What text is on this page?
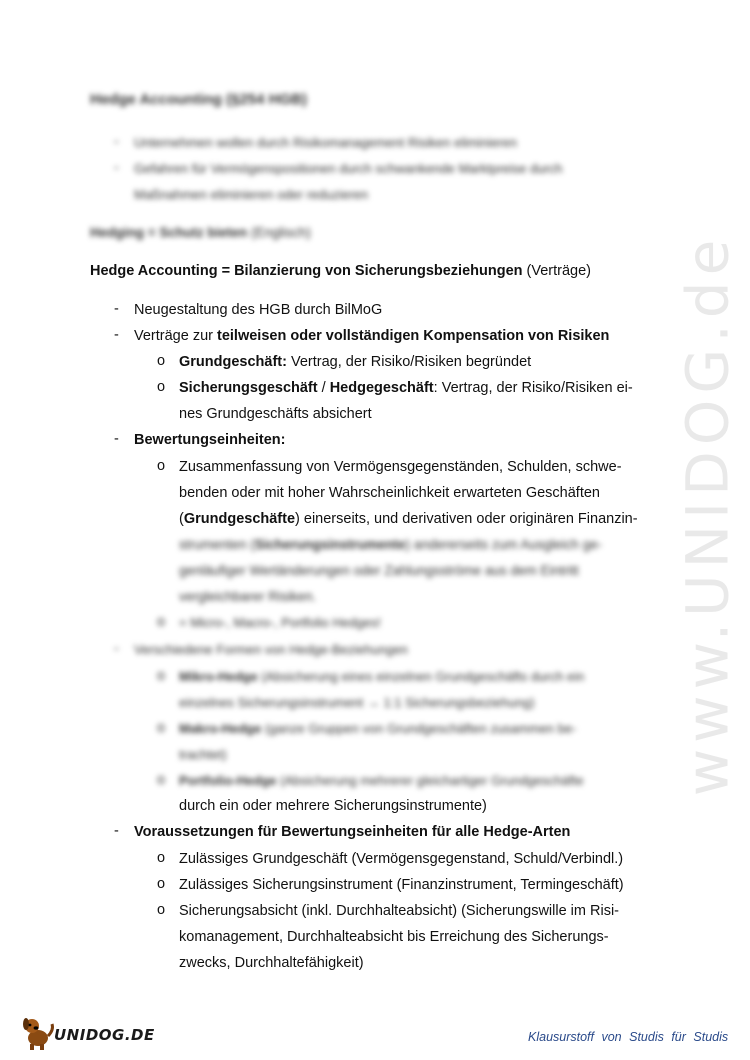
www.UNIDOG.de
Hedge Accounting (§254 HGB)
- Unternehmen wollen durch Risikomanagement Risiken eliminieren
- Gefahren für Vermögenspositionen durch schwankende Marktpreise durch
Maßnahmen eliminieren oder reduzieren
Hedging = Schutz bieten (Englisch)
Hedge Accounting = Bilanzierung von Sicherungsbeziehungen (Verträge)
- Neugestaltung des HGB durch BilMoG
- Verträge zur teilweisen oder vollständigen Kompensation von Risiken
o Grundgeschäft: Vertrag, der Risiko/Risiken begründet
o Sicherungsgeschäft / Hedgegeschäft: Vertrag, der Risiko/Risiken ei-
nes Grundgeschäfts absichert
- Bewertungseinheiten:
o Zusammenfassung von Vermögensgegenständen, Schulden, schwe-
benden oder mit hoher Wahrscheinlichkeit erwarteten Geschäften
(Grundgeschäfte) einerseits, und derivativen oder originären Finanzin-
strumenten (Sicherungsinstrumente) andererseits zum Ausgleich ge-
genläufiger Wertänderungen oder Zahlungsströme aus dem Eintritt
vergleichbarer Risiken.
o = Micro-, Macro-, Portfolio Hedges!
- Verschiedene Formen von Hedge-Beziehungen
o Mikro-Hedge (Absicherung eines einzelnen Grundgeschäfts durch ein
einzelnes Sicherungsinstrument → 1:1 Sicherungsbeziehung)
o Makro-Hedge (ganze Gruppen von Grundgeschäften zusammen be-
trachtet)
o Portfolio-Hedge (Absicherung mehrerer gleichartiger Grundgeschäfte
durch ein oder mehrere Sicherungsinstrumente)
- Voraussetzungen für Bewertungseinheiten für alle Hedge-Arten
o Zulässiges Grundgeschäft (Vermögensgegenstand, Schuld/Verbindl.)
o Zulässiges Sicherungsinstrument (Finanzinstrument, Termingeschäft)
o Sicherungsabsicht (inkl. Durchhalteabsicht) (Sicherungswille im Risi-
komanagement, Durchhalteabsicht bis Erreichung des Sicherungs-
zwecks, Durchhaltefähigkeit)
UNIDOG.DE	Klausurstoff von Studis für Studis
